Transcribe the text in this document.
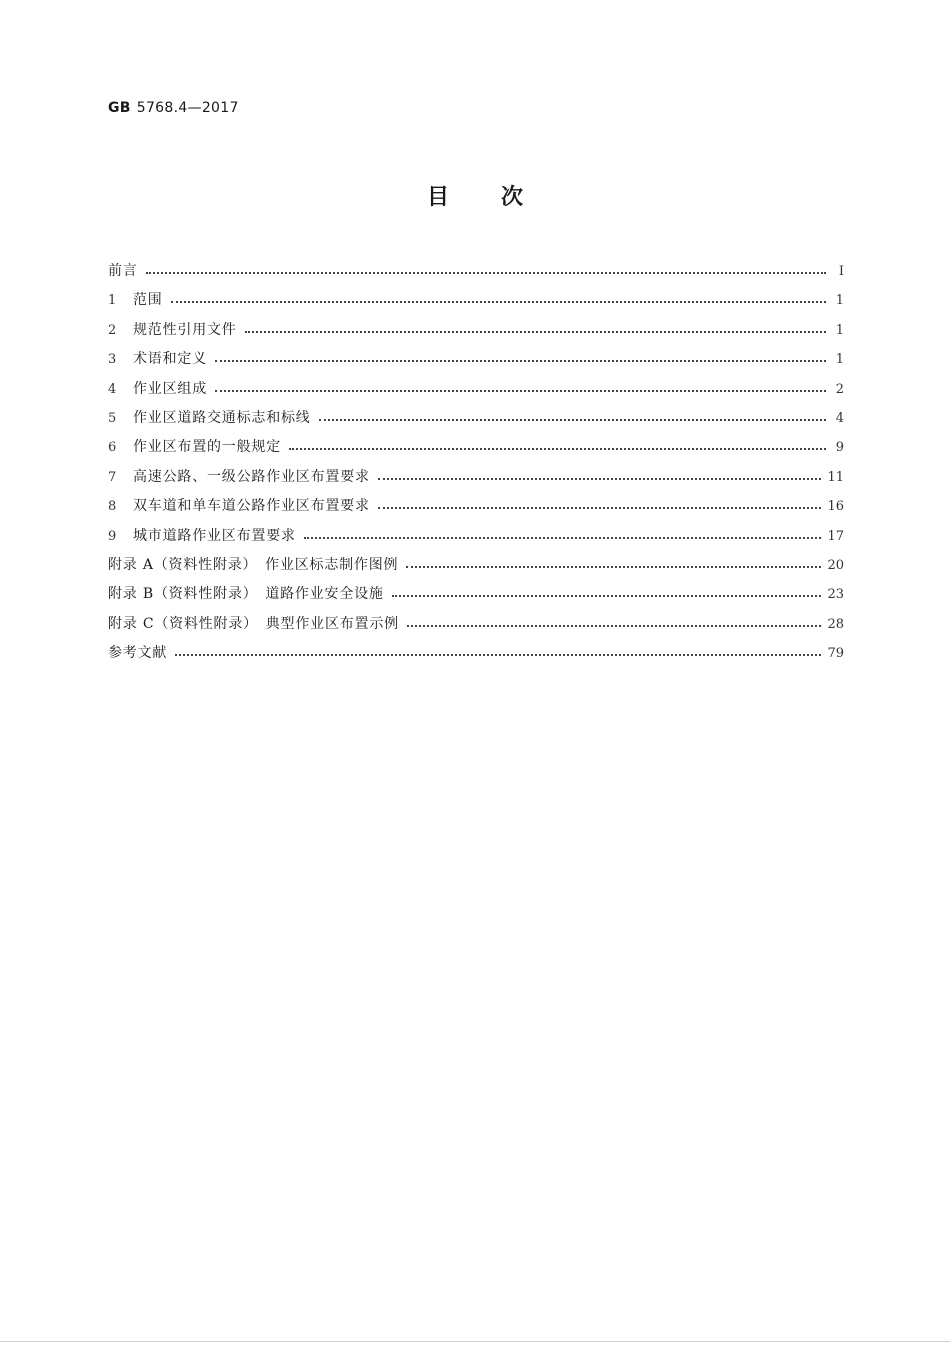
GB 5768.4—2017
目 次
前言	Ⅰ
1	范围	1
2	规范性引用文件	1
3	术语和定义	1
4	作业区组成	2
5	作业区道路交通标志和标线	4
6	作业区布置的一般规定	9
7	高速公路、一级公路作业区布置要求	11
8	双车道和单车道公路作业区布置要求	16
9	城市道路作业区布置要求	17
附录 A（资料性附录）　作业区标志制作图例	20
附录 B（资料性附录）　道路作业安全设施	23
附录 C（资料性附录）　典型作业区布置示例	28
参考文献	79
